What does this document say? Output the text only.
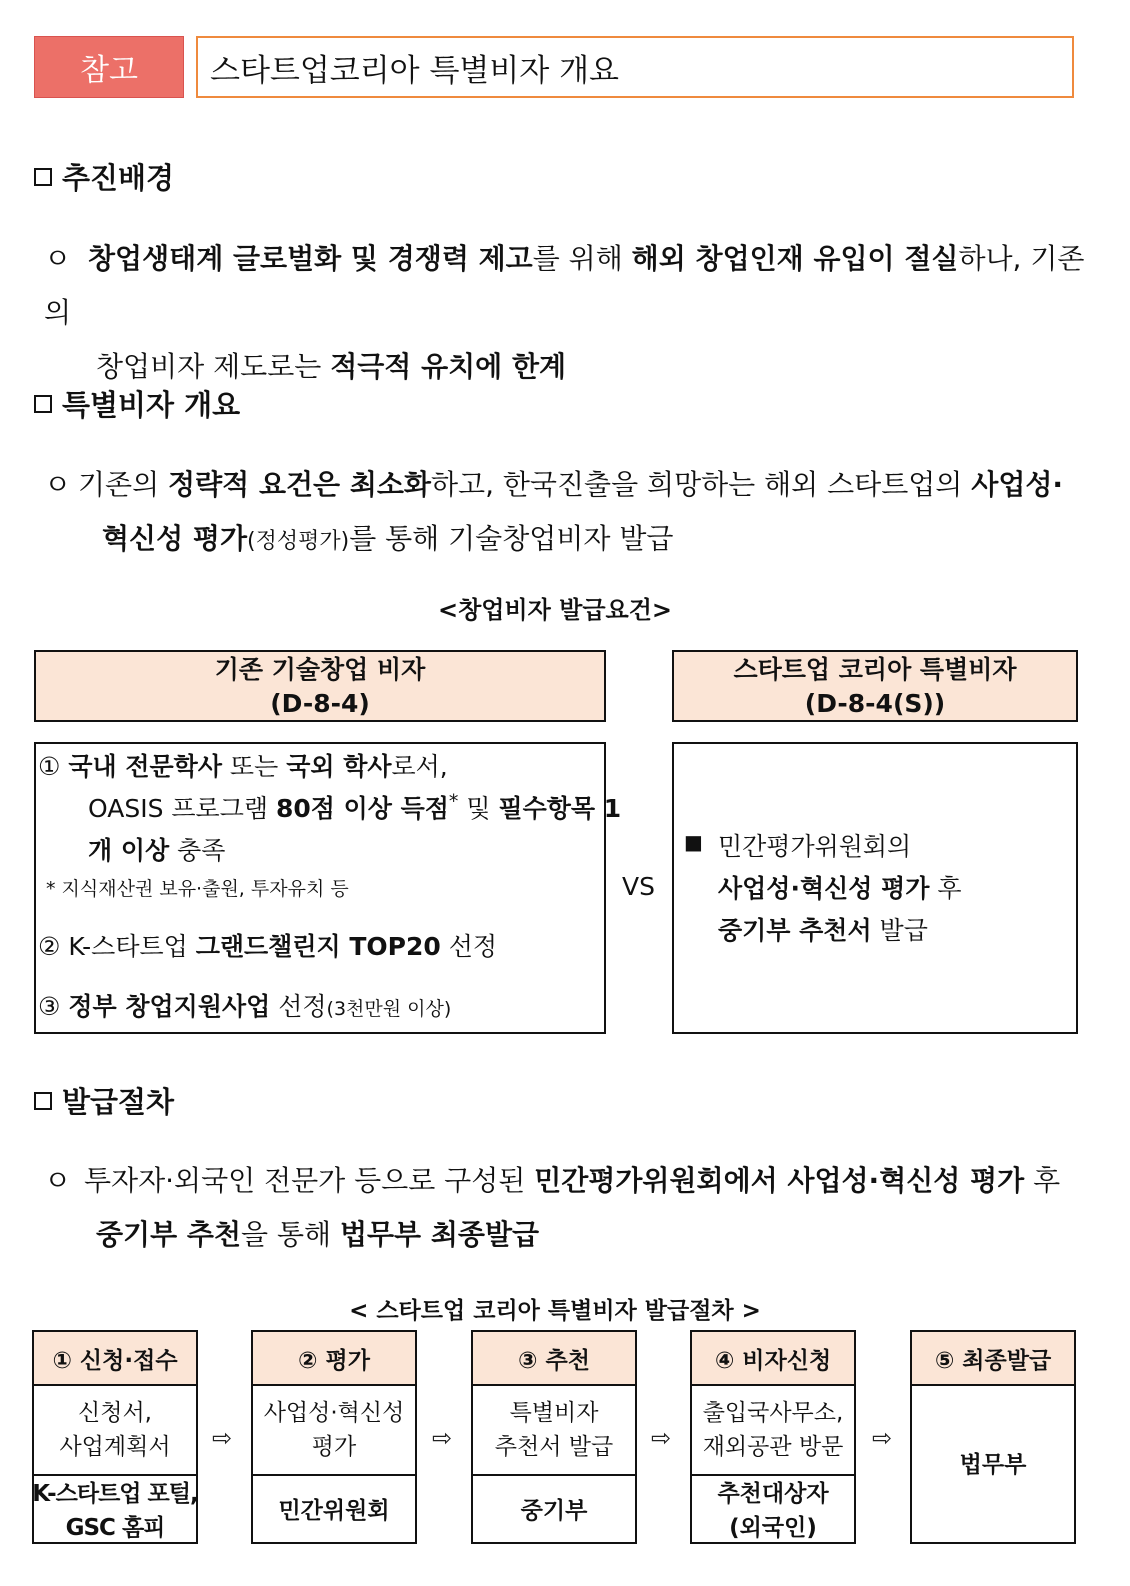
참고	스타트업코리아 특별비자 개요
추진배경
ㅇ 창업생태계 글로벌화 및 경쟁력 제고를 위해 해외 창업인재 유입이 절실하나, 기존의
창업비자 제도로는 적극적 유치에 한계
특별비자 개요
ㅇ 기존의 정략적 요건은 최소화하고, 한국진출을 희망하는 해외 스타트업의 사업성·
혁신성 평가(정성평가)를 통해 기술창업비자 발급
<창업비자 발급요건>
기존 기술창업 비자
(D-8-4)
스타트업 코리아 특별비자
(D-8-4(S))
① 국내 전문학사 또는 국외 학사로서,
OASIS 프로그램 80점 이상 득점* 및 필수항목 1
개 이상 충족
* 지식재산권 보유·출원, 투자유치 등
② K-스타트업 그랜드챌린지 TOP20 선정
③ 정부 창업지원사업 선정(3천만원 이상)
VS
■ 민간평가위원회의
사업성·혁신성 평가 후
중기부 추천서 발급
발급절차
ㅇ 투자자·외국인 전문가 등으로 구성된 민간평가위원회에서 사업성·혁신성 평가 후
중기부 추천을 통해 법무부 최종발급
< 스타트업 코리아 특별비자 발급절차 >
① 신청·접수
신청서,
사업계획서
K-스타트업 포털,
GSC 홈피
⇨
② 평가
사업성·혁신성
평가
민간위원회
⇨
③ 추천
특별비자
추천서 발급
중기부
⇨
④ 비자신청
출입국사무소,
재외공관 방문
추천대상자
(외국인)
⇨
⑤ 최종발급
법무부
